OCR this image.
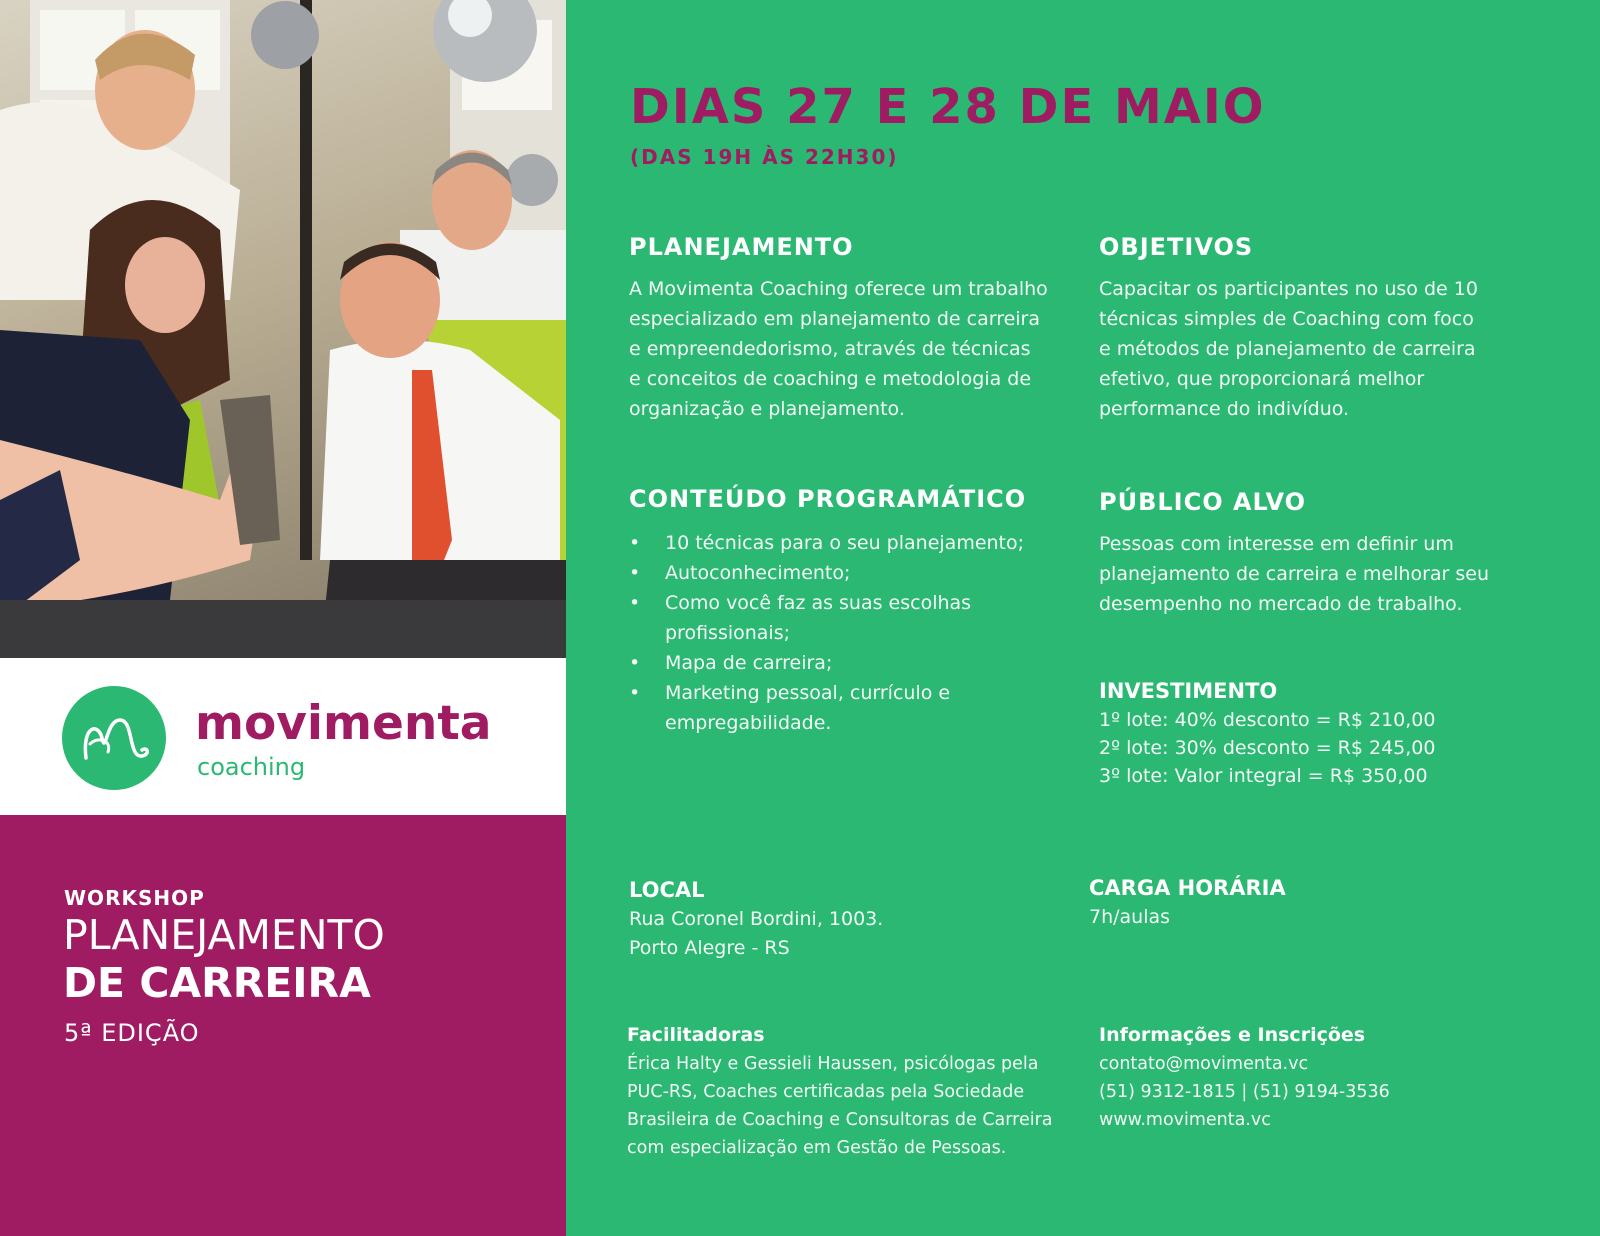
movimenta
coaching
WORKSHOP
PLANEJAMENTO
DE CARREIRA
5ª EDIÇÃO
DIAS 27 E 28 DE MAIO
(DAS 19H ÀS 22H30)
PLANEJAMENTO
A Movimenta Coaching oferece um trabalho
especializado em planejamento de carreira
e empreendedorismo, através de técnicas
e conceitos de coaching e metodologia de
organização e planejamento.
OBJETIVOS
Capacitar os participantes no uso de 10
técnicas simples de Coaching com foco
e métodos de planejamento de carreira
efetivo, que proporcionará melhor
performance do indivíduo.
CONTEÚDO PROGRAMÁTICO
• 10 técnicas para o seu planejamento;
• Autoconhecimento;
• Como você faz as suas escolhas
profissionais;
• Mapa de carreira;
• Marketing pessoal, currículo e
empregabilidade.
PÚBLICO ALVO
Pessoas com interesse em definir um
planejamento de carreira e melhorar seu
desempenho no mercado de trabalho.
INVESTIMENTO
1º lote: 40% desconto = R$ 210,00
2º lote: 30% desconto = R$ 245,00
3º lote: Valor integral = R$ 350,00
LOCAL
Rua Coronel Bordini, 1003.
Porto Alegre - RS
CARGA HORÁRIA
7h/aulas
Facilitadoras
Érica Halty e Gessieli Haussen, psicólogas pela
PUC-RS, Coaches certificadas pela Sociedade
Brasileira de Coaching e Consultoras de Carreira
com especialização em Gestão de Pessoas.
Informações e Inscrições
contato@movimenta.vc
(51) 9312-1815 | (51) 9194-3536
www.movimenta.vc
